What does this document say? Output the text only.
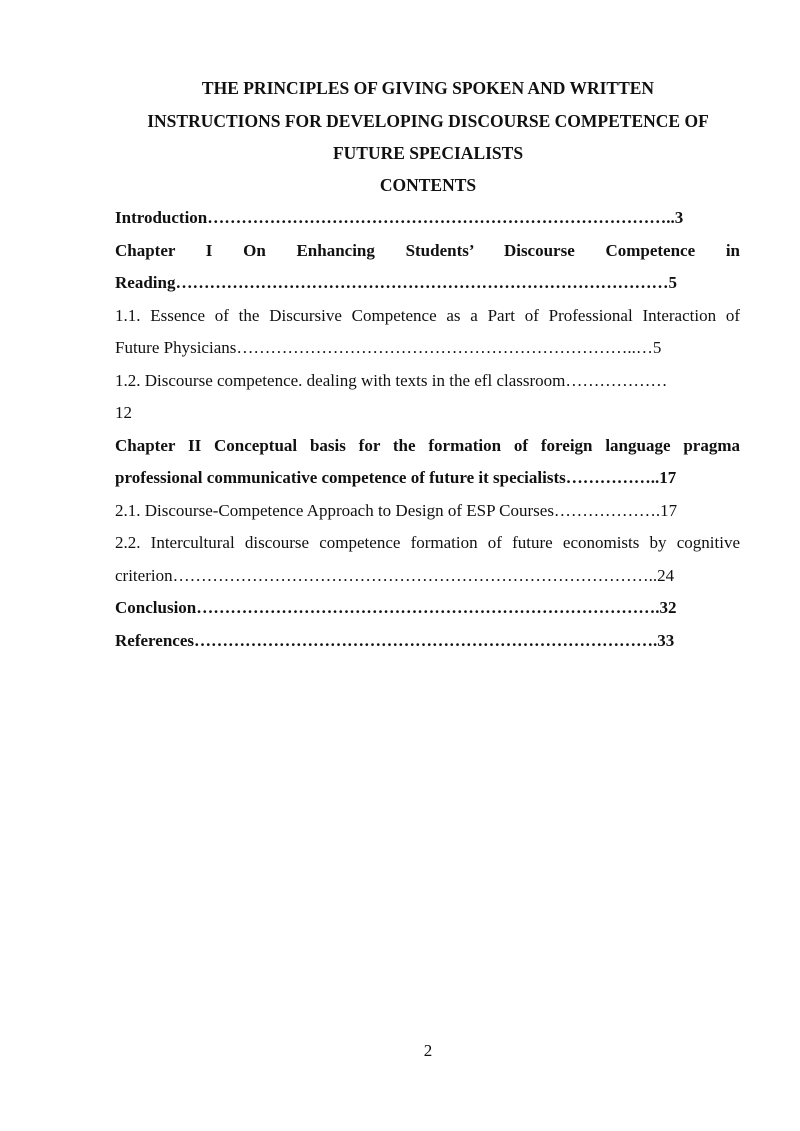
THE PRINCIPLES OF GIVING SPOKEN AND WRITTEN
INSTRUCTIONS FOR DEVELOPING DISCOURSE COMPETENCE OF
FUTURE SPECIALISTS
CONTENTS
Introduction………………………………………………………………………..3
Chapter I On Enhancing Students’ Discourse Competence in
Reading……………………………………………………………………………5
1.1. Essence of the Discursive Competence as a Part of Professional Interaction of
Future Physicians……………………………………………………………..…5
1.2. Discourse competence. dealing with texts in the efl classroom………………
12
Chapter II Conceptual basis for the formation of foreign language pragma
professional communicative competence of future it specialists……………..17
2.1. Discourse-Competence Approach to Design of ESP Courses……………….17
2.2. Intercultural discourse competence formation of future economists by cognitive
criterion…………………………………………………………………………..24
Conclusion……………………………………………………………………….32
References……………………………………………………………………….33
2
